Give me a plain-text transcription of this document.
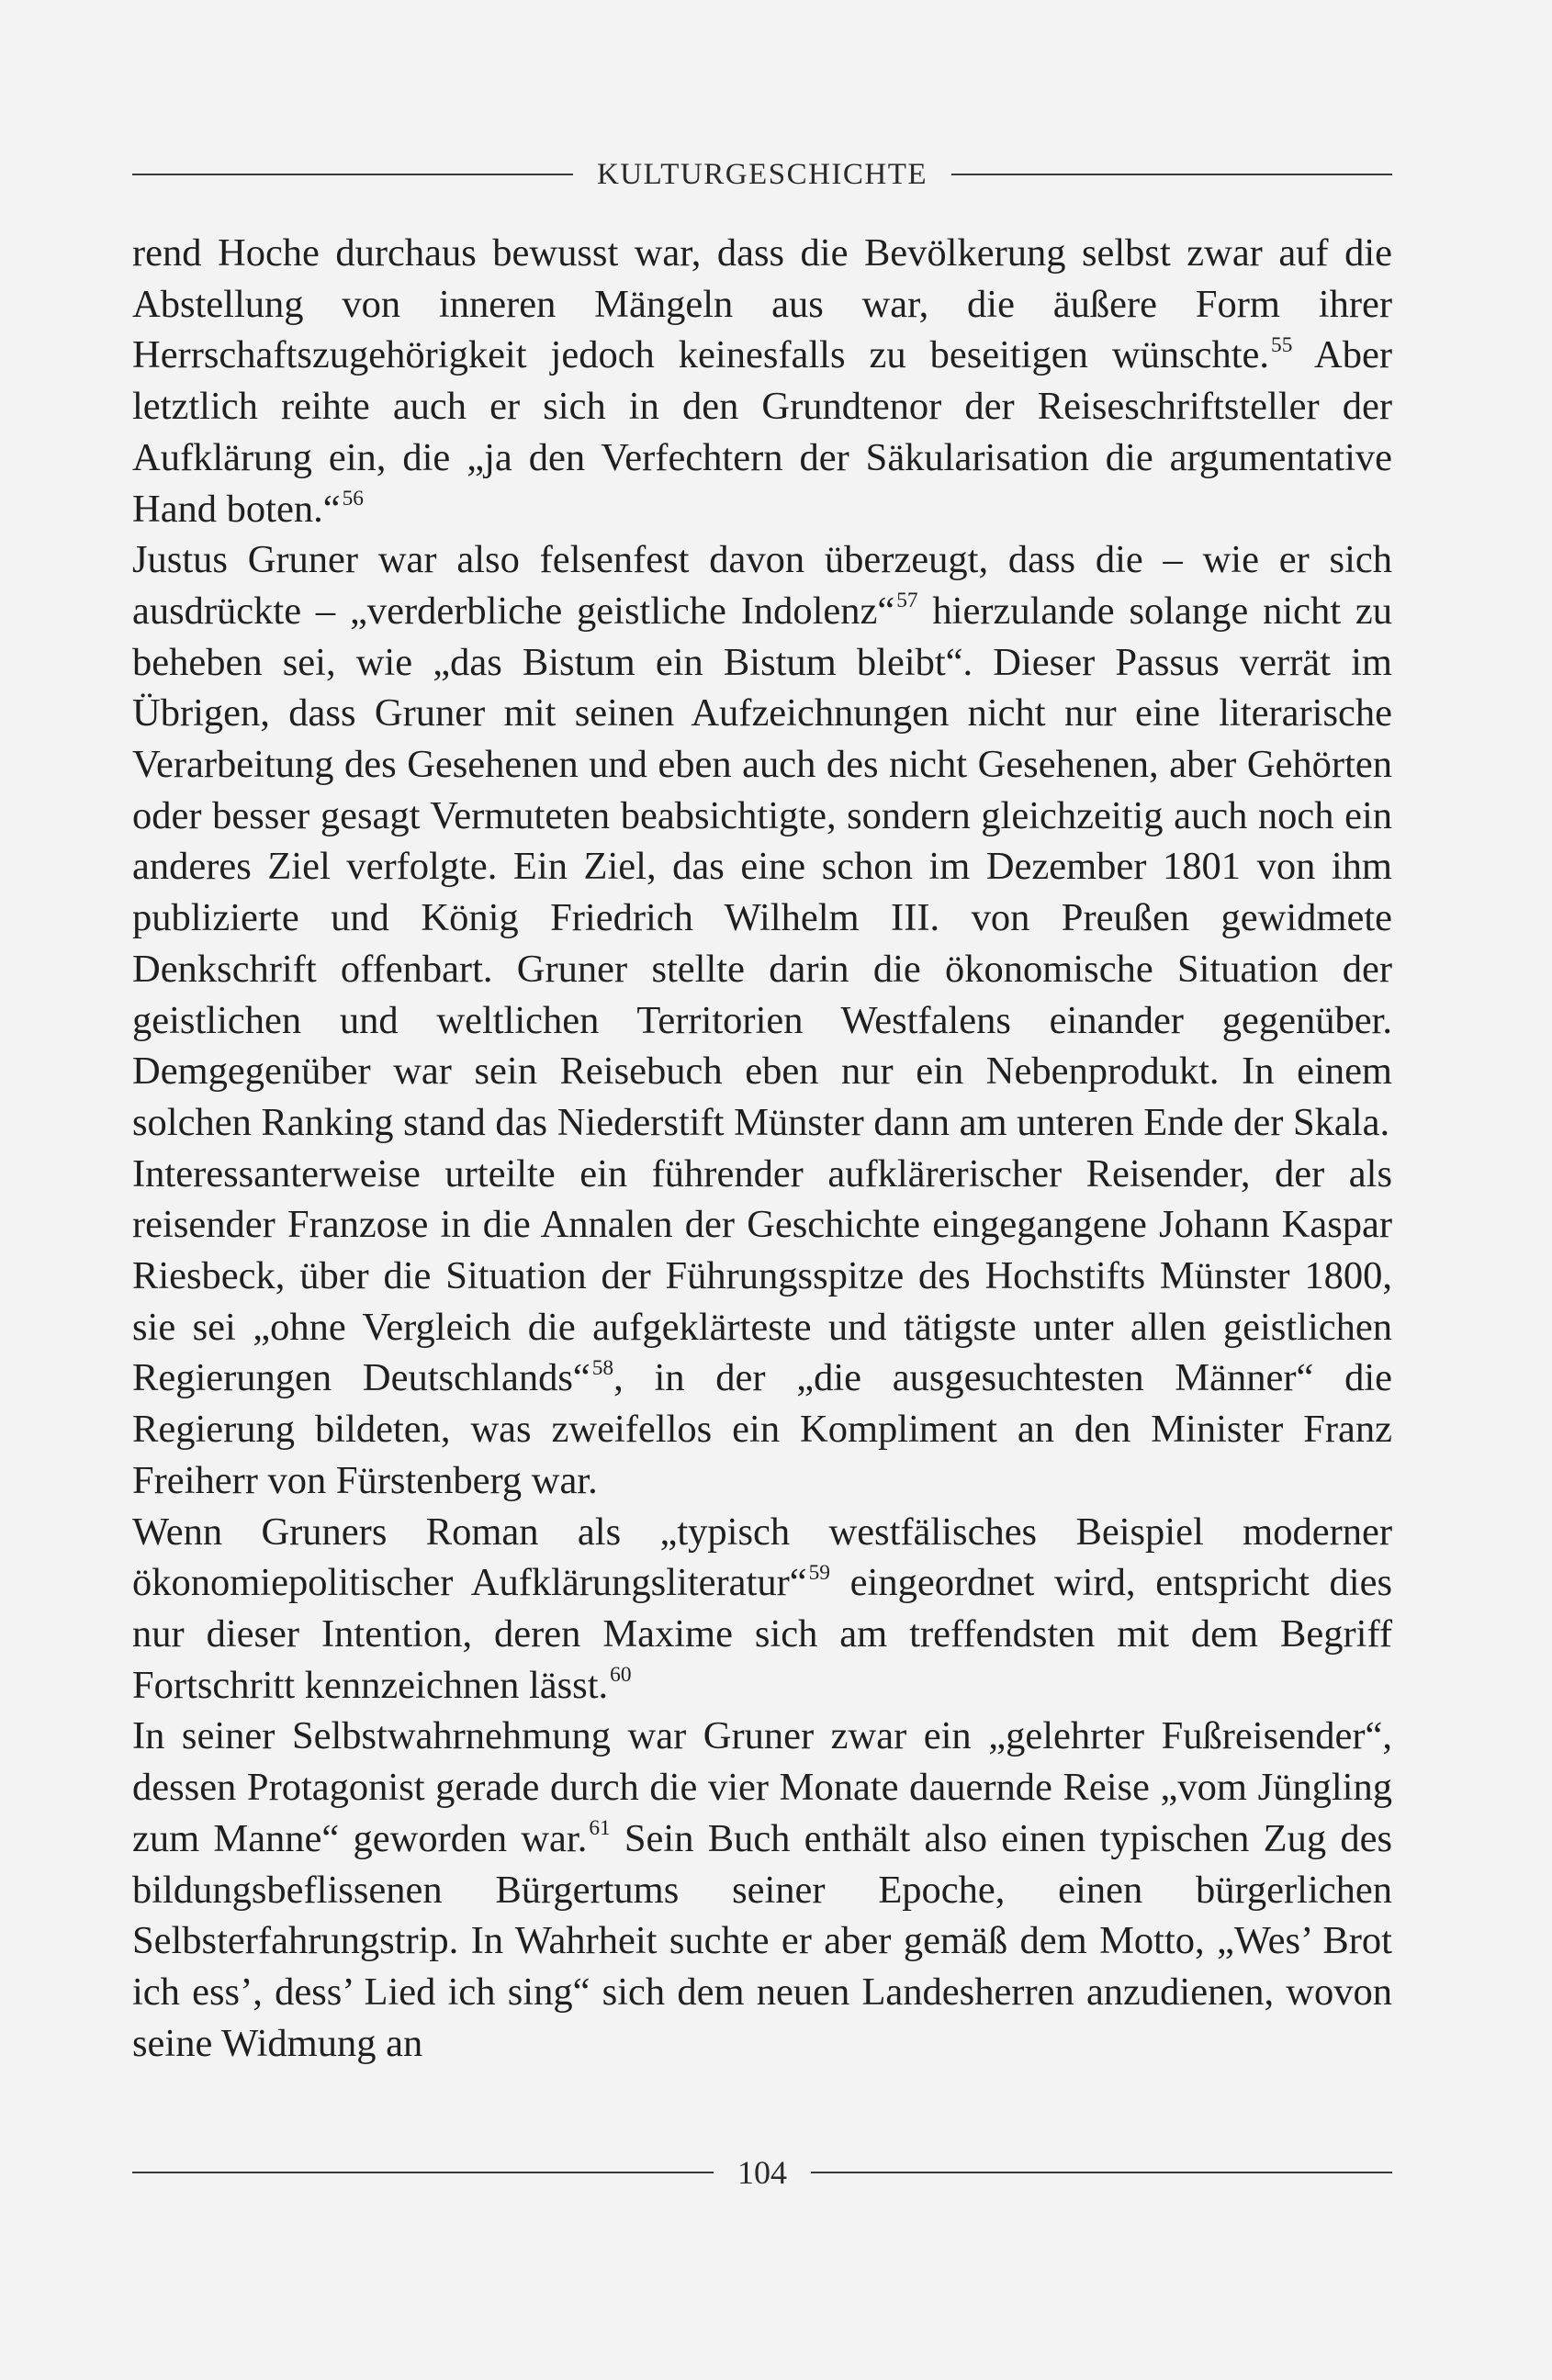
KULTURGESCHICHTE

rend Hoche durchaus bewusst war, dass die Bevölkerung selbst zwar auf die Abstellung von inneren Mängeln aus war, die äußere Form ihrer Herrschaftszugehörigkeit jedoch keinesfalls zu beseitigen wünschte.$^{55}$ Aber letztlich reihte auch er sich in den Grundtenor der Reiseschriftsteller der Aufklärung ein, die „ja den Verfechtern der Säkularisation die argumentative Hand boten.“$^{56}$

Justus Gruner war also felsenfest davon überzeugt, dass die – wie er sich ausdrückte – „verderbliche geistliche Indolenz“$^{57}$ hierzulande solange nicht zu beheben sei, wie „das Bistum ein Bistum bleibt“. Dieser Passus verrät im Übrigen, dass Gruner mit seinen Aufzeichnungen nicht nur eine literarische Verarbeitung des Gesehenen und eben auch des nicht Gesehenen, aber Gehörten oder besser gesagt Vermuteten beabsichtigte, sondern gleichzeitig auch noch ein anderes Ziel verfolgte. Ein Ziel, das eine schon im Dezember 1801 von ihm publizierte und König Friedrich Wilhelm III. von Preußen gewidmete Denkschrift offenbart. Gruner stellte darin die ökonomische Situation der geistlichen und weltlichen Territorien Westfalens einander gegenüber. Demgegenüber war sein Reisebuch eben nur ein Nebenprodukt. In einem solchen Ranking stand das Niederstift Münster dann am unteren Ende der Skala.

Interessanterweise urteilte ein führender aufklärerischer Reisender, der als reisender Franzose in die Annalen der Geschichte eingegangene Johann Kaspar Riesbeck, über die Situation der Führungsspitze des Hochstifts Münster 1800, sie sei „ohne Vergleich die aufgeklärteste und tätigste unter allen geistlichen Regierungen Deutschlands“$^{58}$, in der „die ausgesuchtesten Männer“ die Regierung bildeten, was zweifellos ein Kompliment an den Minister Franz Freiherr von Fürstenberg war.

Wenn Gruners Roman als „typisch westfälisches Beispiel moderner ökonomiepolitischer Aufklärungsliteratur“$^{59}$ eingeordnet wird, entspricht dies nur dieser Intention, deren Maxime sich am treffendsten mit dem Begriff Fortschritt kennzeichnen lässt.$^{60}$

In seiner Selbstwahrnehmung war Gruner zwar ein „gelehrter Fußreisender“, dessen Protagonist gerade durch die vier Monate dauernde Reise „vom Jüngling zum Manne“ geworden war.$^{61}$ Sein Buch enthält also einen typischen Zug des bildungsbeflissenen Bürgertums seiner Epoche, einen bürgerlichen Selbsterfahrungstrip. In Wahrheit suchte er aber gemäß dem Motto, „Wes’ Brot ich ess’, dess’ Lied ich sing“ sich dem neuen Landesherren anzudienen, wovon seine Widmung an

104
